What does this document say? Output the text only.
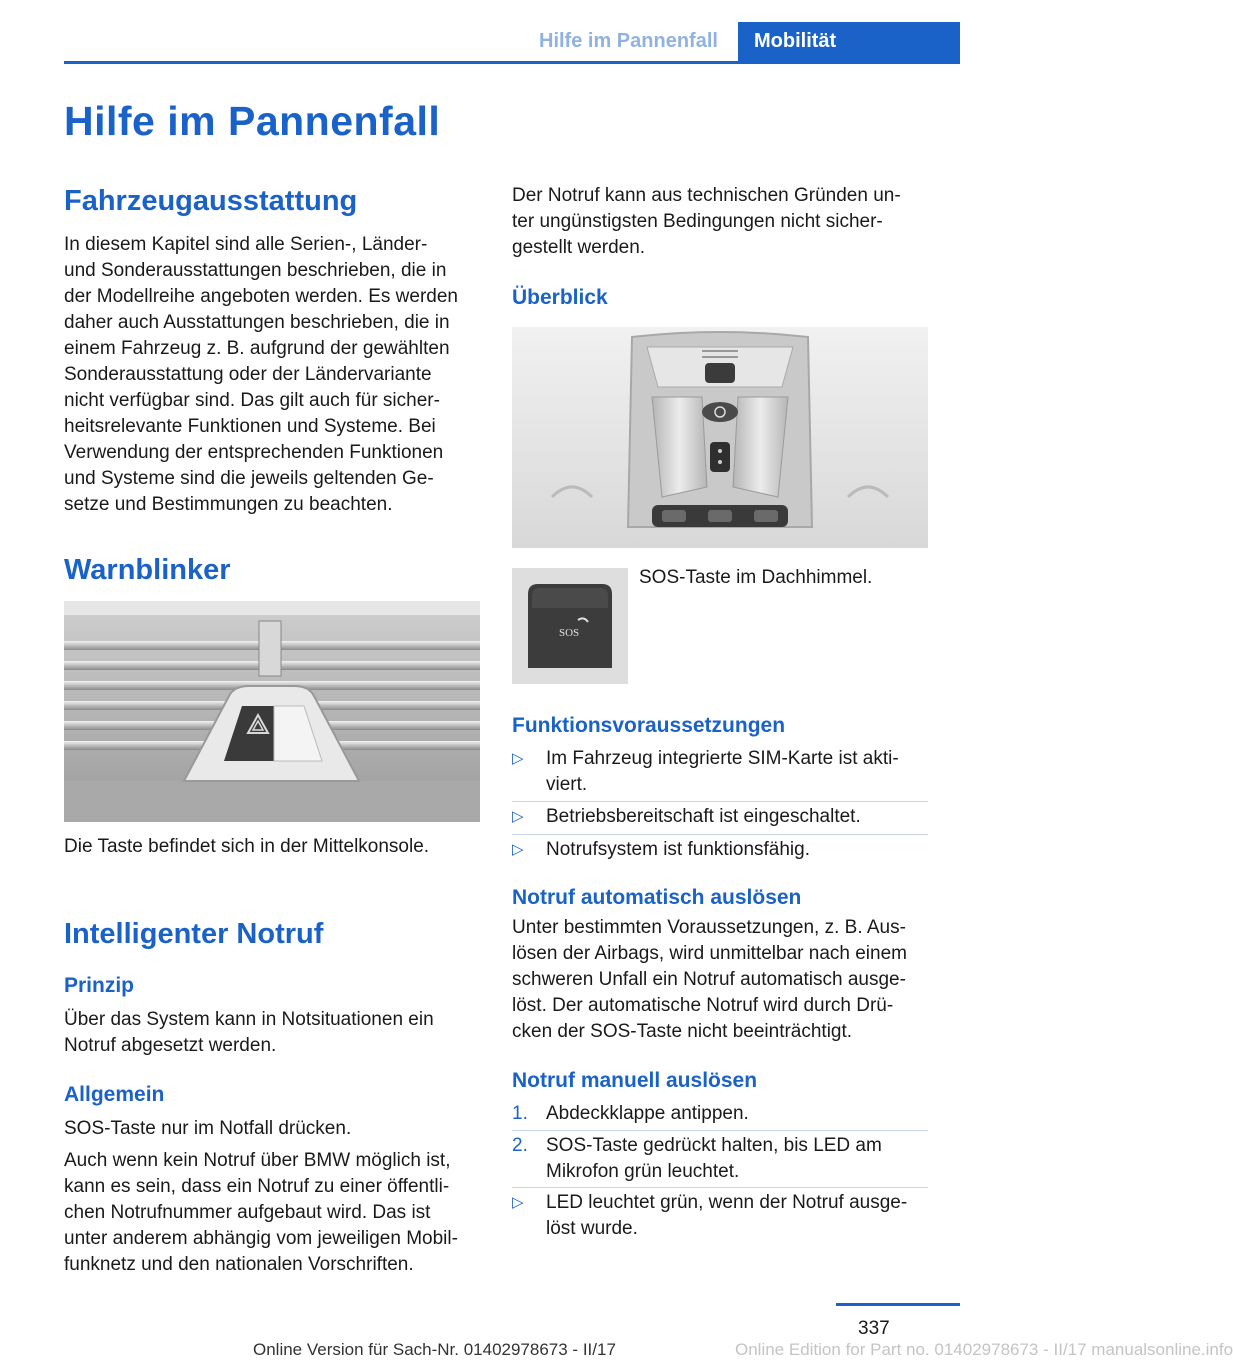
Hilfe im Pannenfall	Mobilität
Hilfe im Pannenfall
Fahrzeugausstattung
In diesem Kapitel sind alle Serien-, Länder-
und Sonderausstattungen beschrieben, die in
der Modellreihe angeboten werden. Es werden
daher auch Ausstattungen beschrieben, die in
einem Fahrzeug z. B. aufgrund der gewählten
Sonderausstattung oder der Ländervariante
nicht verfügbar sind. Das gilt auch für sicher-
heitsrelevante Funktionen und Systeme. Bei
Verwendung der entsprechenden Funktionen
und Systeme sind die jeweils geltenden Ge-
setze und Bestimmungen zu beachten.
Warnblinker
Die Taste befindet sich in der Mittelkonsole.
Intelligenter Notruf
Prinzip
Über das System kann in Notsituationen ein
Notruf abgesetzt werden.
Allgemein
SOS-Taste nur im Notfall drücken.
Auch wenn kein Notruf über BMW möglich ist,
kann es sein, dass ein Notruf zu einer öffentli-
chen Notrufnummer aufgebaut wird. Das ist
unter anderem abhängig vom jeweiligen Mobil-
funknetz und den nationalen Vorschriften.
Der Notruf kann aus technischen Gründen un-
ter ungünstigsten Bedingungen nicht sicher-
gestellt werden.
Überblick
SOS
SOS-Taste im Dachhimmel.
Funktionsvoraussetzungen
▷ Im Fahrzeug integrierte SIM-Karte ist akti-
viert.
▷ Betriebsbereitschaft ist eingeschaltet.
▷ Notrufsystem ist funktionsfähig.
Notruf automatisch auslösen
Unter bestimmten Voraussetzungen, z. B. Aus-
lösen der Airbags, wird unmittelbar nach einem
schweren Unfall ein Notruf automatisch ausge-
löst. Der automatische Notruf wird durch Drü-
cken der SOS-Taste nicht beeinträchtigt.
Notruf manuell auslösen
1. Abdeckklappe antippen.
2. SOS-Taste gedrückt halten, bis LED am
Mikrofon grün leuchtet.
▷ LED leuchtet grün, wenn der Notruf ausge-
löst wurde.
337
Online Edition for Part no. 01402978673 - II/17 manualsonline.info
Online Version für Sach-Nr. 01402978673 - II/17
